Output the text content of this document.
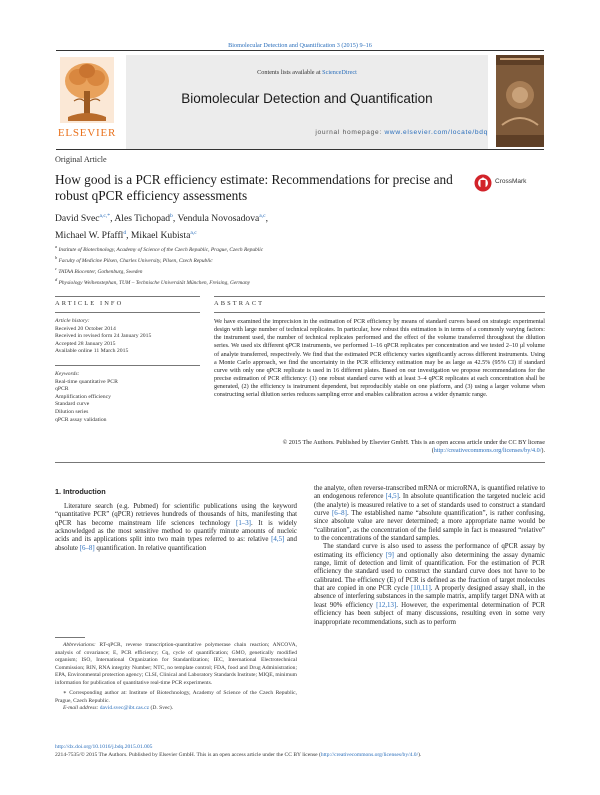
Biomolecular Detection and Quantification 3 (2015) 9–16
ELSEVIER
Contents lists available at ScienceDirect
Biomolecular Detection and Quantification
journal homepage: www.elsevier.com/locate/bdq
Original Article
How good is a PCR efficiency estimate: Recommendations for precise and robust qPCR efficiency assessments
CrossMark
David Svec$^{a,c,*}$, Ales Tichopad$^b$, Vendula Novosadova$^{a,c}$,
Michael W. Pfaffl$^d$, Mikael Kubista$^{a,c}$
$^a$ Institute of Biotechnology, Academy of Science of the Czech Republic, Prague, Czech Republic
$^b$ Faculty of Medicine Pilsen, Charles University, Pilsen, Czech Republic
$^c$ TATAA Biocenter, Gothenburg, Sweden
$^d$ Physiology Weihenstephan, TUM – Technische Universität München, Freising, Germany
ARTICLE INFO	ABSTRACT
Article history:
Received 20 October 2014
Received in revised form 24 January 2015
Accepted 28 January 2015
Available online 11 March 2015
Keywords:
Real-time quantitative PCR
qPCR
Amplification efficiency
Standard curve
Dilution series
qPCR assay validation
We have examined the imprecision in the estimation of PCR efficiency by means of standard curves based on strategic experimental design with large number of technical replicates. In particular, how robust this estimation is in terms of a commonly varying factors: the instrument used, the number of technical replicates performed and the effect of the volume transferred throughout the dilution series. We used six different qPCR instruments, we performed 1–16 qPCR replicates per concentration and we tested 2–10 μl volume of analyte transferred, respectively. We find that the estimated PCR efficiency varies significantly across different instruments. Using a Monte Carlo approach, we find the uncertainty in the PCR efficiency estimation may be as large as 42.5% (95% CI) if standard curve with only one qPCR replicate is used in 16 different plates. Based on our investigation we propose recommendations for the precise estimation of PCR efficiency: (1) one robust standard curve with at least 3–4 qPCR replicates at each concentration shall be generated, (2) the efficiency is instrument dependent, but reproducibly stable on one platform, and (3) using a larger volume when constructing serial dilution series reduces sampling error and enables calibration across a wider dynamic range.
© 2015 The Authors. Published by Elsevier GmbH. This is an open access article under the CC BY license (http://creativecommons.org/licenses/by/4.0/).
1. Introduction

Literature search (e.g. Pubmed) for scientific publications using the keyword “quantitative PCR” (qPCR) retrieves hundreds of thousands of hits, manifesting that qPCR has become mainstream life sciences technology [1–3]. It is widely acknowledged as the most sensitive method to quantify minute amounts of nucleic acids and its applications split into two main types referred to as: relative [4,5] and absolute [6–8] quantification. In relative quantification

the analyte, often reverse-transcribed mRNA or microRNA, is quantified relative to an endogenous reference [4,5]. In absolute quantification the targeted nucleic acid (the analyte) is measured relative to a set of standards used to construct a standard curve [6–8]. The established name “absolute quantification”, is rather confusing, since absolute value are never determined; a more appropriate name would be “calibration”, as the concentration of the field sample in fact is measured “relative” to the concentrations of the standard samples.

The standard curve is also used to assess the performance of qPCR assay by estimating its efficiency [9] and optionally also determining the assay dynamic range, limit of detection and limit of quantification. For the estimation of PCR efficiency the standard used to construct the standard curve does not have to be calibrated. The efficiency (E) of PCR is defined as the fraction of target molecules that are copied in one PCR cycle [10,11]. A properly designed assay shall, in the absence of interfering substances in the sample matrix, amplify target DNA with at least 90% efficiency [12,13]. However, the experimental determination of PCR efficiency has been subject of many discussions, resulting even in some very inappropriate recommendations, such as to perform

Abbreviations: RT-qPCR, reverse transcription-quantitative polymerase chain reaction; ANCOVA, analysis of covariance; E, PCR efficiency; Cq, cycle of quantification; GMO, genetically modified organism; ISO, International Organization for Standardization; IEC, International Electrotechnical Commission; RIN, RNA integrity Number; NTC, no template control; FDA, food and Drug Administration; EPA, Environmental protection agency; CLSI, Clinical and Laboratory Standards Institute; MIQE, minimum information for publication of quantitative real-time PCR experiments.

∗ Corresponding author at: Institute of Biotechnology, Academy of Science of the Czech Republic, Prague, Czech Republic.

E-mail address: david.svec@ibt.cas.cz (D. Svec).

http://dx.doi.org/10.1016/j.bdq.2015.01.005
2214-7535/© 2015 The Authors. Published by Elsevier GmbH. This is an open access article under the CC BY license (http://creativecommons.org/licenses/by/4.0/).
